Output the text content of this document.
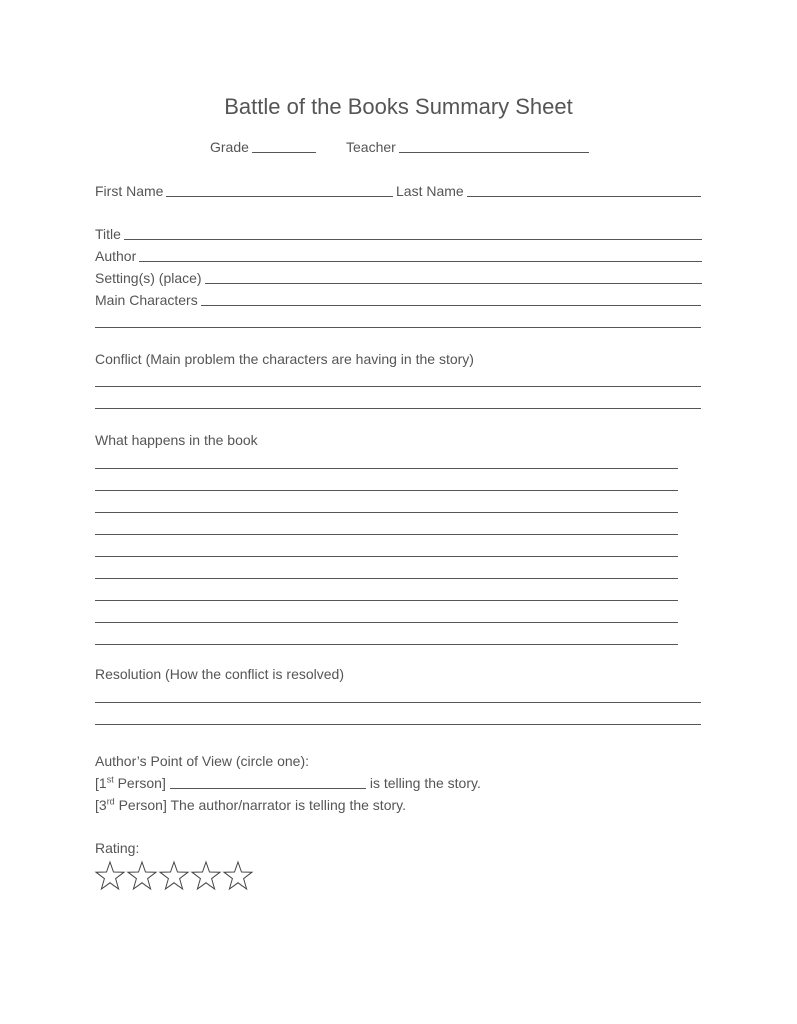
Battle of the Books Summary Sheet
Grade	Teacher
First Name	Last Name
Title
Author
Setting(s) (place)
Main Characters
Conflict (Main problem the characters are having in the story)
What happens in the book
Resolution (How the conflict is resolved)
Author’s Point of View (circle one):
[1st Person]	is telling the story.
[3rd Person] The author/narrator is telling the story.
Rating:
